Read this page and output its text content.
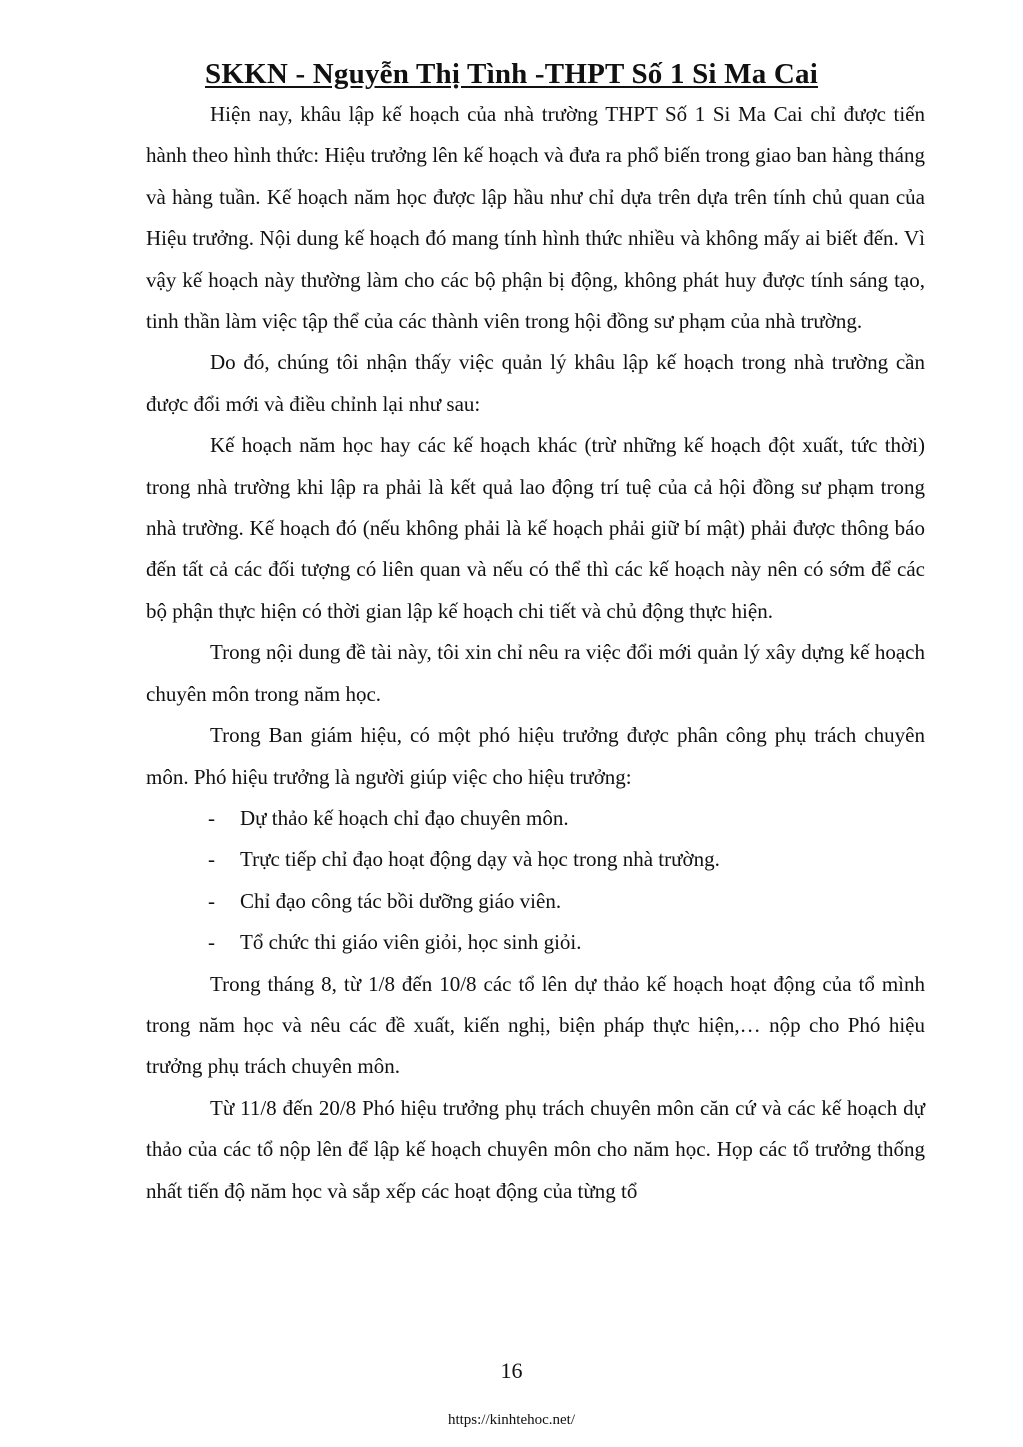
SKKN - Nguyễn Thị Tình -THPT Số 1 Si Ma Cai

Hiện nay, khâu lập kế hoạch của nhà trường THPT Số 1 Si Ma Cai chỉ được tiến hành theo hình thức: Hiệu trưởng lên kế hoạch và đưa ra phổ biến trong giao ban hàng tháng và hàng tuần. Kế hoạch năm học được lập hầu như chỉ dựa trên dựa trên tính chủ quan của Hiệu trưởng. Nội dung kế hoạch đó mang tính hình thức nhiều và không mấy ai biết đến. Vì vậy kế hoạch này thường làm cho các bộ phận bị động, không phát huy được tính sáng tạo, tinh thần làm việc tập thể của các thành viên trong hội đồng sư phạm của nhà trường.

Do đó, chúng tôi nhận thấy việc quản lý khâu lập kế hoạch trong nhà trường cần được đổi mới và điều chỉnh lại như sau:

Kế hoạch năm học hay các kế hoạch khác (trừ những kế hoạch đột xuất, tức thời) trong nhà trường khi lập ra phải là kết quả lao động trí tuệ của cả hội đồng sư phạm trong nhà trường. Kế hoạch đó (nếu không phải là kế hoạch phải giữ bí mật) phải được thông báo đến tất cả các đối tượng có liên quan và nếu có thể thì các kế hoạch này nên có sớm để các bộ phận thực hiện có thời gian lập kế hoạch chi tiết và chủ động thực hiện.

Trong nội dung đề tài này, tôi xin chỉ nêu ra việc đổi mới quản lý xây dựng kế hoạch chuyên môn trong năm học.

Trong Ban giám hiệu, có một phó hiệu trưởng được phân công phụ trách chuyên môn. Phó hiệu trưởng là người giúp việc cho hiệu trưởng:

- Dự thảo kế hoạch chỉ đạo chuyên môn.
- Trực tiếp chỉ đạo hoạt động dạy và học trong nhà trường.
- Chỉ đạo công tác bồi dưỡng giáo viên.
- Tổ chức thi giáo viên giỏi, học sinh giỏi.

Trong tháng 8, từ 1/8 đến 10/8 các tổ lên dự thảo kế hoạch hoạt động của tổ mình trong năm học và nêu các đề xuất, kiến nghị, biện pháp thực hiện,… nộp cho Phó hiệu trưởng phụ trách chuyên môn.

Từ 11/8 đến 20/8 Phó hiệu trưởng phụ trách chuyên môn căn cứ và các kế hoạch dự thảo của các tổ nộp lên để lập kế hoạch chuyên môn cho năm học. Họp các tổ trưởng thống nhất tiến độ năm học và sắp xếp các hoạt động của từng tổ

16
https://kinhtehoc.net/
